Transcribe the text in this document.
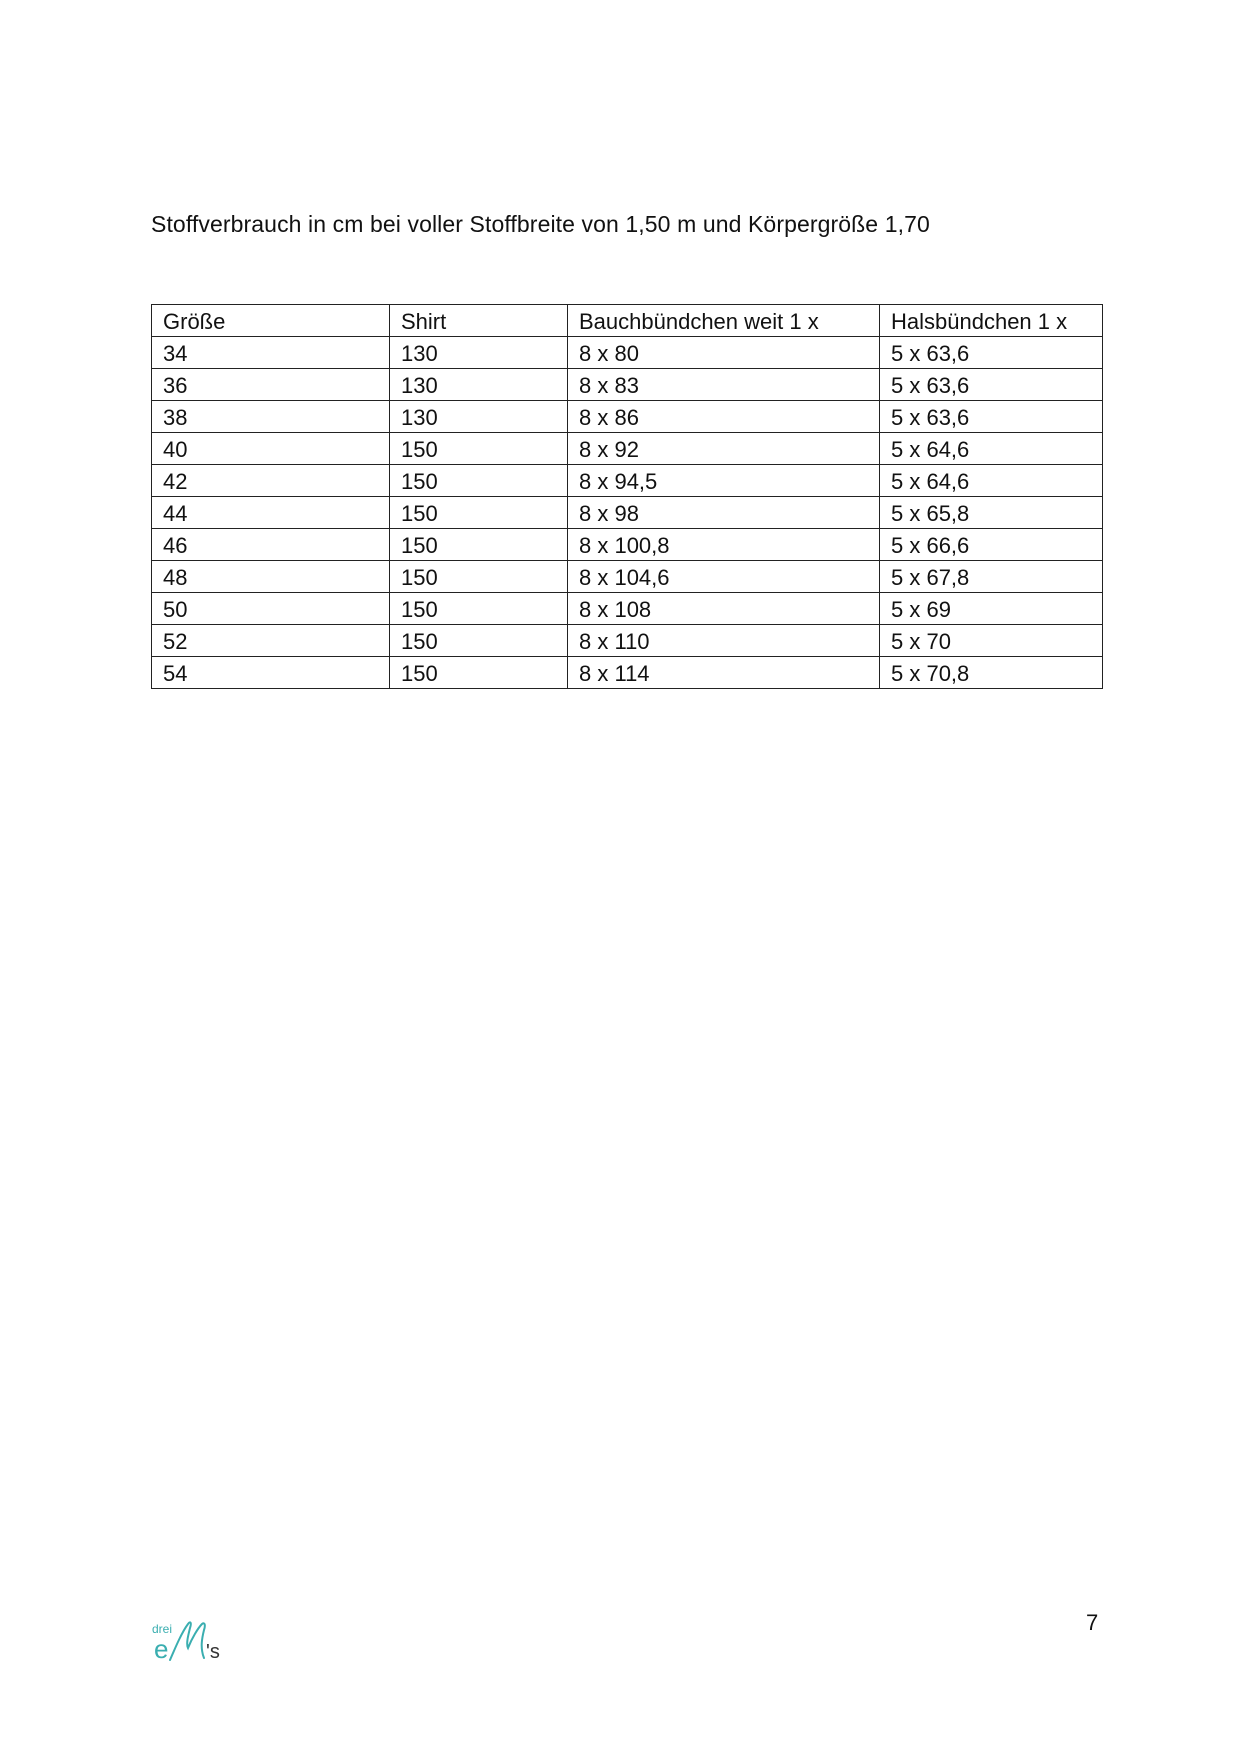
Stoffverbrauch in cm bei voller Stoffbreite von 1,50 m und Körpergröße 1,70
Größe	Shirt	Bauchbündchen weit 1 x	Halsbündchen 1 x
34	130	8 x 80	5 x 63,6
36	130	8 x 83	5 x 63,6
38	130	8 x 86	5 x 63,6
40	150	8 x 92	5 x 64,6
42	150	8 x 94,5	5 x 64,6
44	150	8 x 98	5 x 65,8
46	150	8 x 100,8	5 x 66,6
48	150	8 x 104,6	5 x 67,8
50	150	8 x 108	5 x 69
52	150	8 x 110	5 x 70
54	150	8 x 114	5 x 70,8
drei
e 's
7
